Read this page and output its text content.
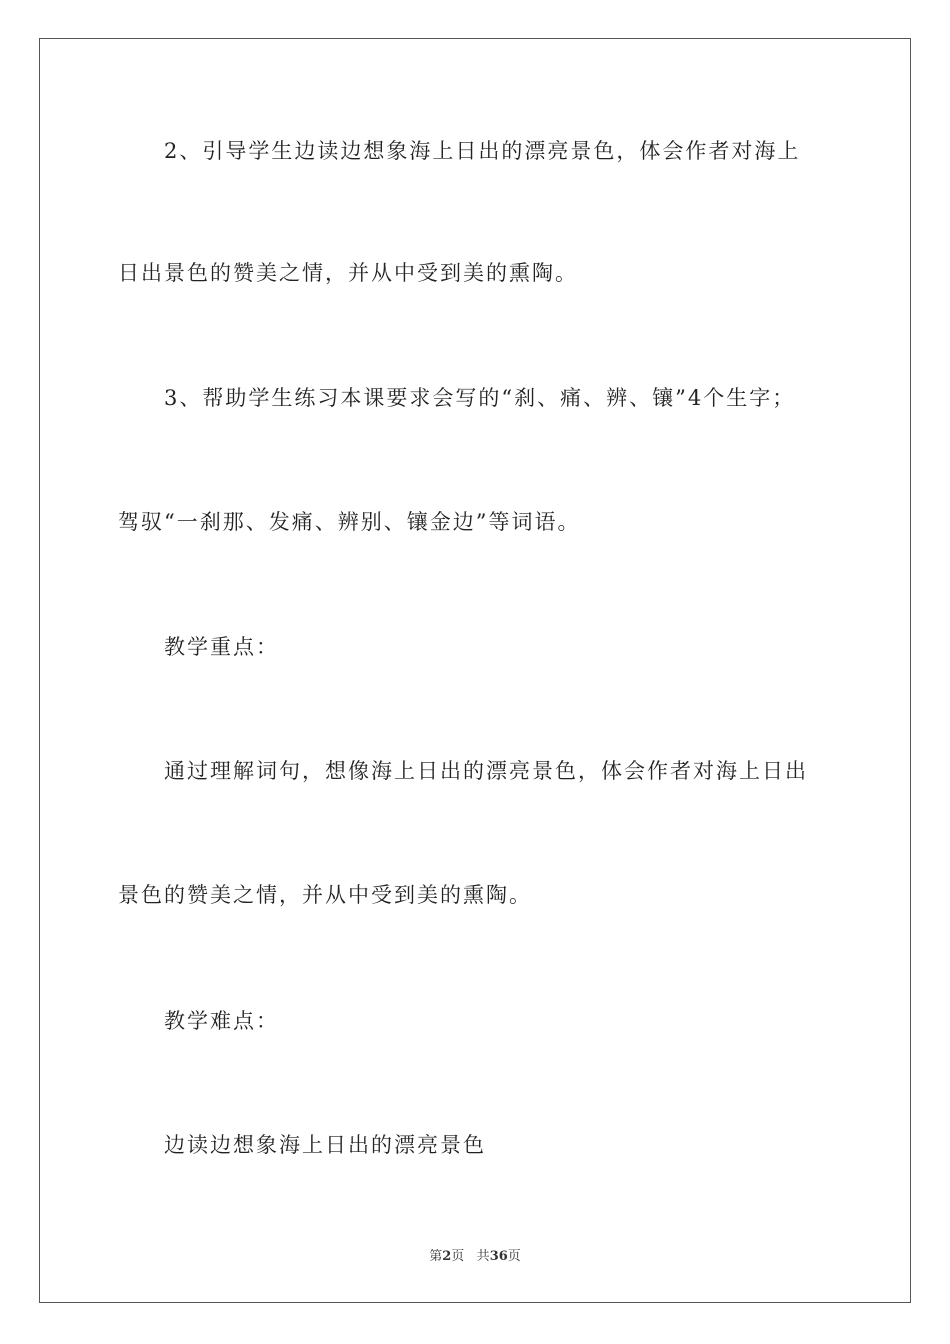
2、引导学生边读边想象海上日出的漂亮景色，体会作者对海上
日出景色的赞美之情，并从中受到美的熏陶。
3、帮助学生练习本课要求会写的“刹、痛、辨、镶”4个生字；
驾驭“一刹那、发痛、辨别、镶金边”等词语。
教学重点：
通过理解词句，想像海上日出的漂亮景色，体会作者对海上日出
景色的赞美之情，并从中受到美的熏陶。
教学难点：
边读边想象海上日出的漂亮景色
第2页 共36页
